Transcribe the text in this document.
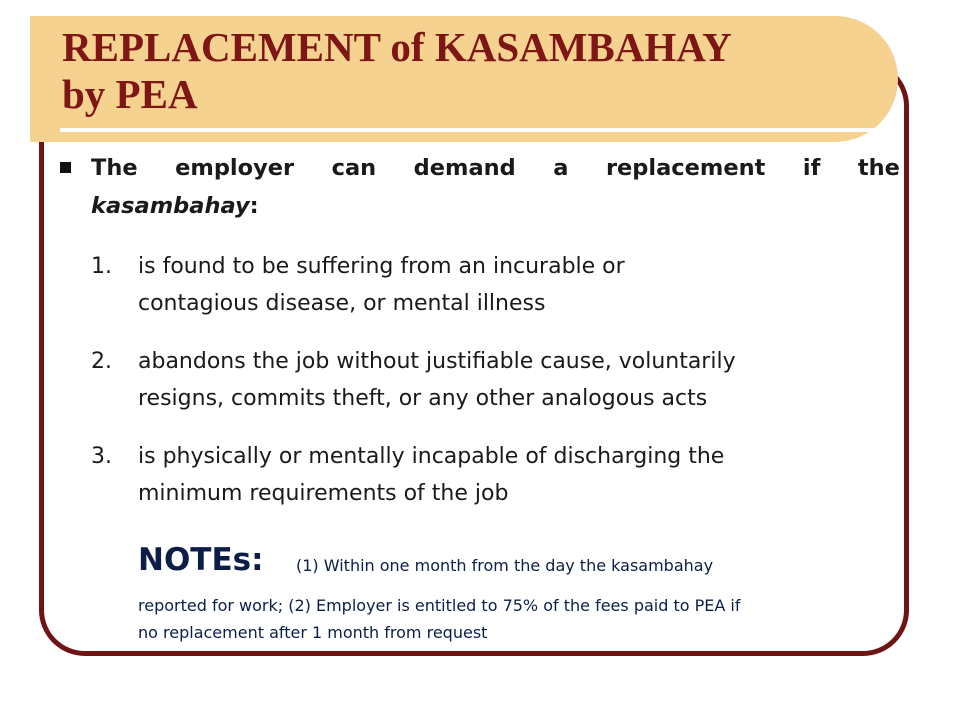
REPLACEMENT of KASAMBAHAY
by PEA
The employer can demand a replacement if the
kasambahay:
1. is found to be suffering from an incurable or
contagious disease, or mental illness
2. abandons the job without justifiable cause, voluntarily
resigns, commits theft, or any other analogous acts
3. is physically or mentally incapable of discharging the
minimum requirements of the job
NOTEs: (1) Within one month from the day the kasambahay
reported for work; (2) Employer is entitled to 75% of the fees paid to PEA if
no replacement after 1 month from request
